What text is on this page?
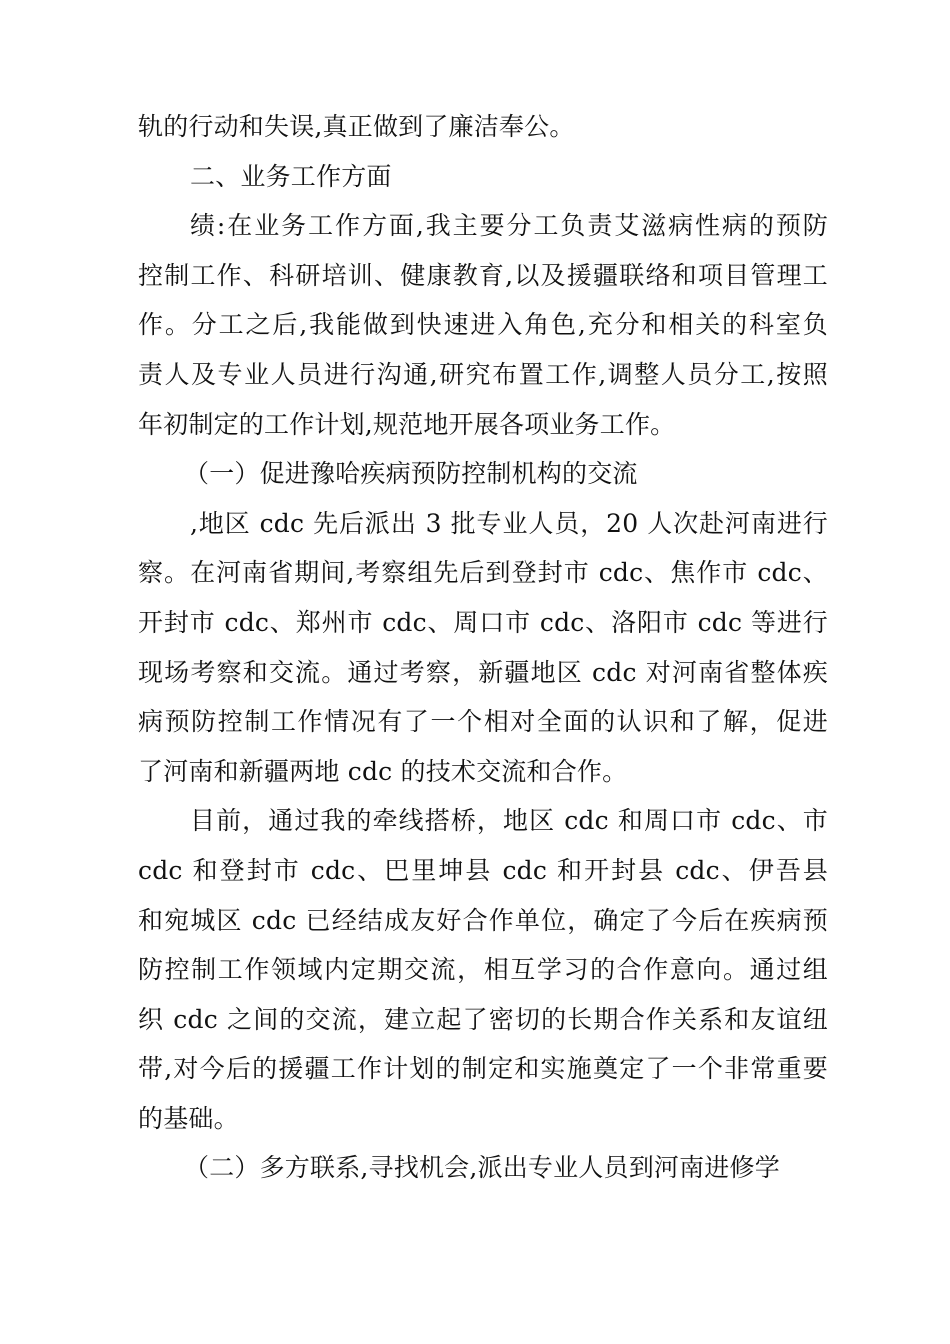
轨的行动和失误,真正做到了廉洁奉公。
二、业务工作方面
绩:在业务工作方面,我主要分工负责艾滋病性病的预防
控制工作、科研培训、健康教育,以及援疆联络和项目管理工
作。分工之后,我能做到快速进入角色,充分和相关的科室负
责人及专业人员进行沟通,研究布置工作,调整人员分工,按照
年初制定的工作计划,规范地开展各项业务工作。
（一）促进豫哈疾病预防控制机构的交流
,地区 cdc 先后派出 3 批专业人员，20 人次赴河南进行
察。在河南省期间,考察组先后到登封市 cdc、焦作市 cdc、
开封市 cdc、郑州市 cdc、周口市 cdc、洛阳市 cdc 等进行
现场考察和交流。通过考察，新疆地区 cdc 对河南省整体疾
病预防控制工作情况有了一个相对全面的认识和了解，促进
了河南和新疆两地 cdc 的技术交流和合作。
目前，通过我的牵线搭桥，地区 cdc 和周口市 cdc、市
cdc 和登封市 cdc、巴里坤县 cdc 和开封县 cdc、伊吾县
和宛城区 cdc 已经结成友好合作单位，确定了今后在疾病预
防控制工作领域内定期交流，相互学习的合作意向。通过组
织 cdc 之间的交流，建立起了密切的长期合作关系和友谊纽
带,对今后的援疆工作计划的制定和实施奠定了一个非常重要
的基础。
（二）多方联系,寻找机会,派出专业人员到河南进修学
